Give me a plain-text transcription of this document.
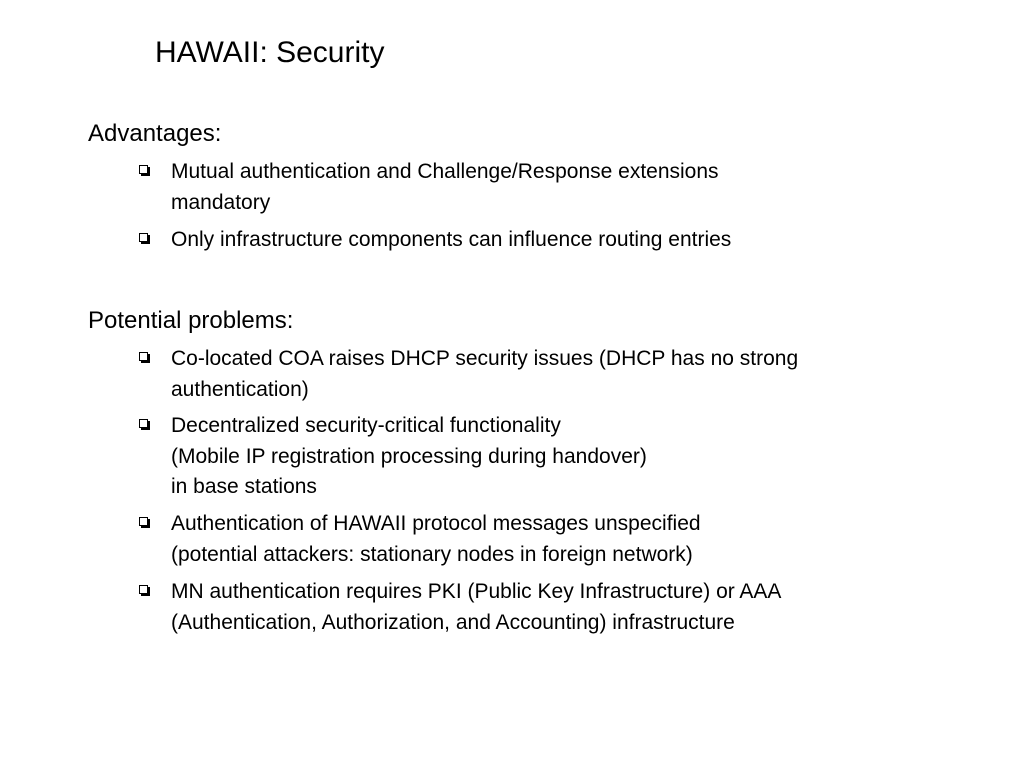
HAWAII: Security
Advantages:
Mutual authentication and Challenge/Response extensions
mandatory
Only infrastructure components can influence routing entries
Potential problems:
Co-located COA raises DHCP security issues (DHCP has no strong
authentication)
Decentralized security-critical functionality
(Mobile IP registration processing during handover)
in base stations
Authentication of HAWAII protocol messages unspecified
(potential attackers: stationary nodes in foreign network)
MN authentication requires PKI (Public Key Infrastructure) or AAA
(Authentication, Authorization, and Accounting) infrastructure
